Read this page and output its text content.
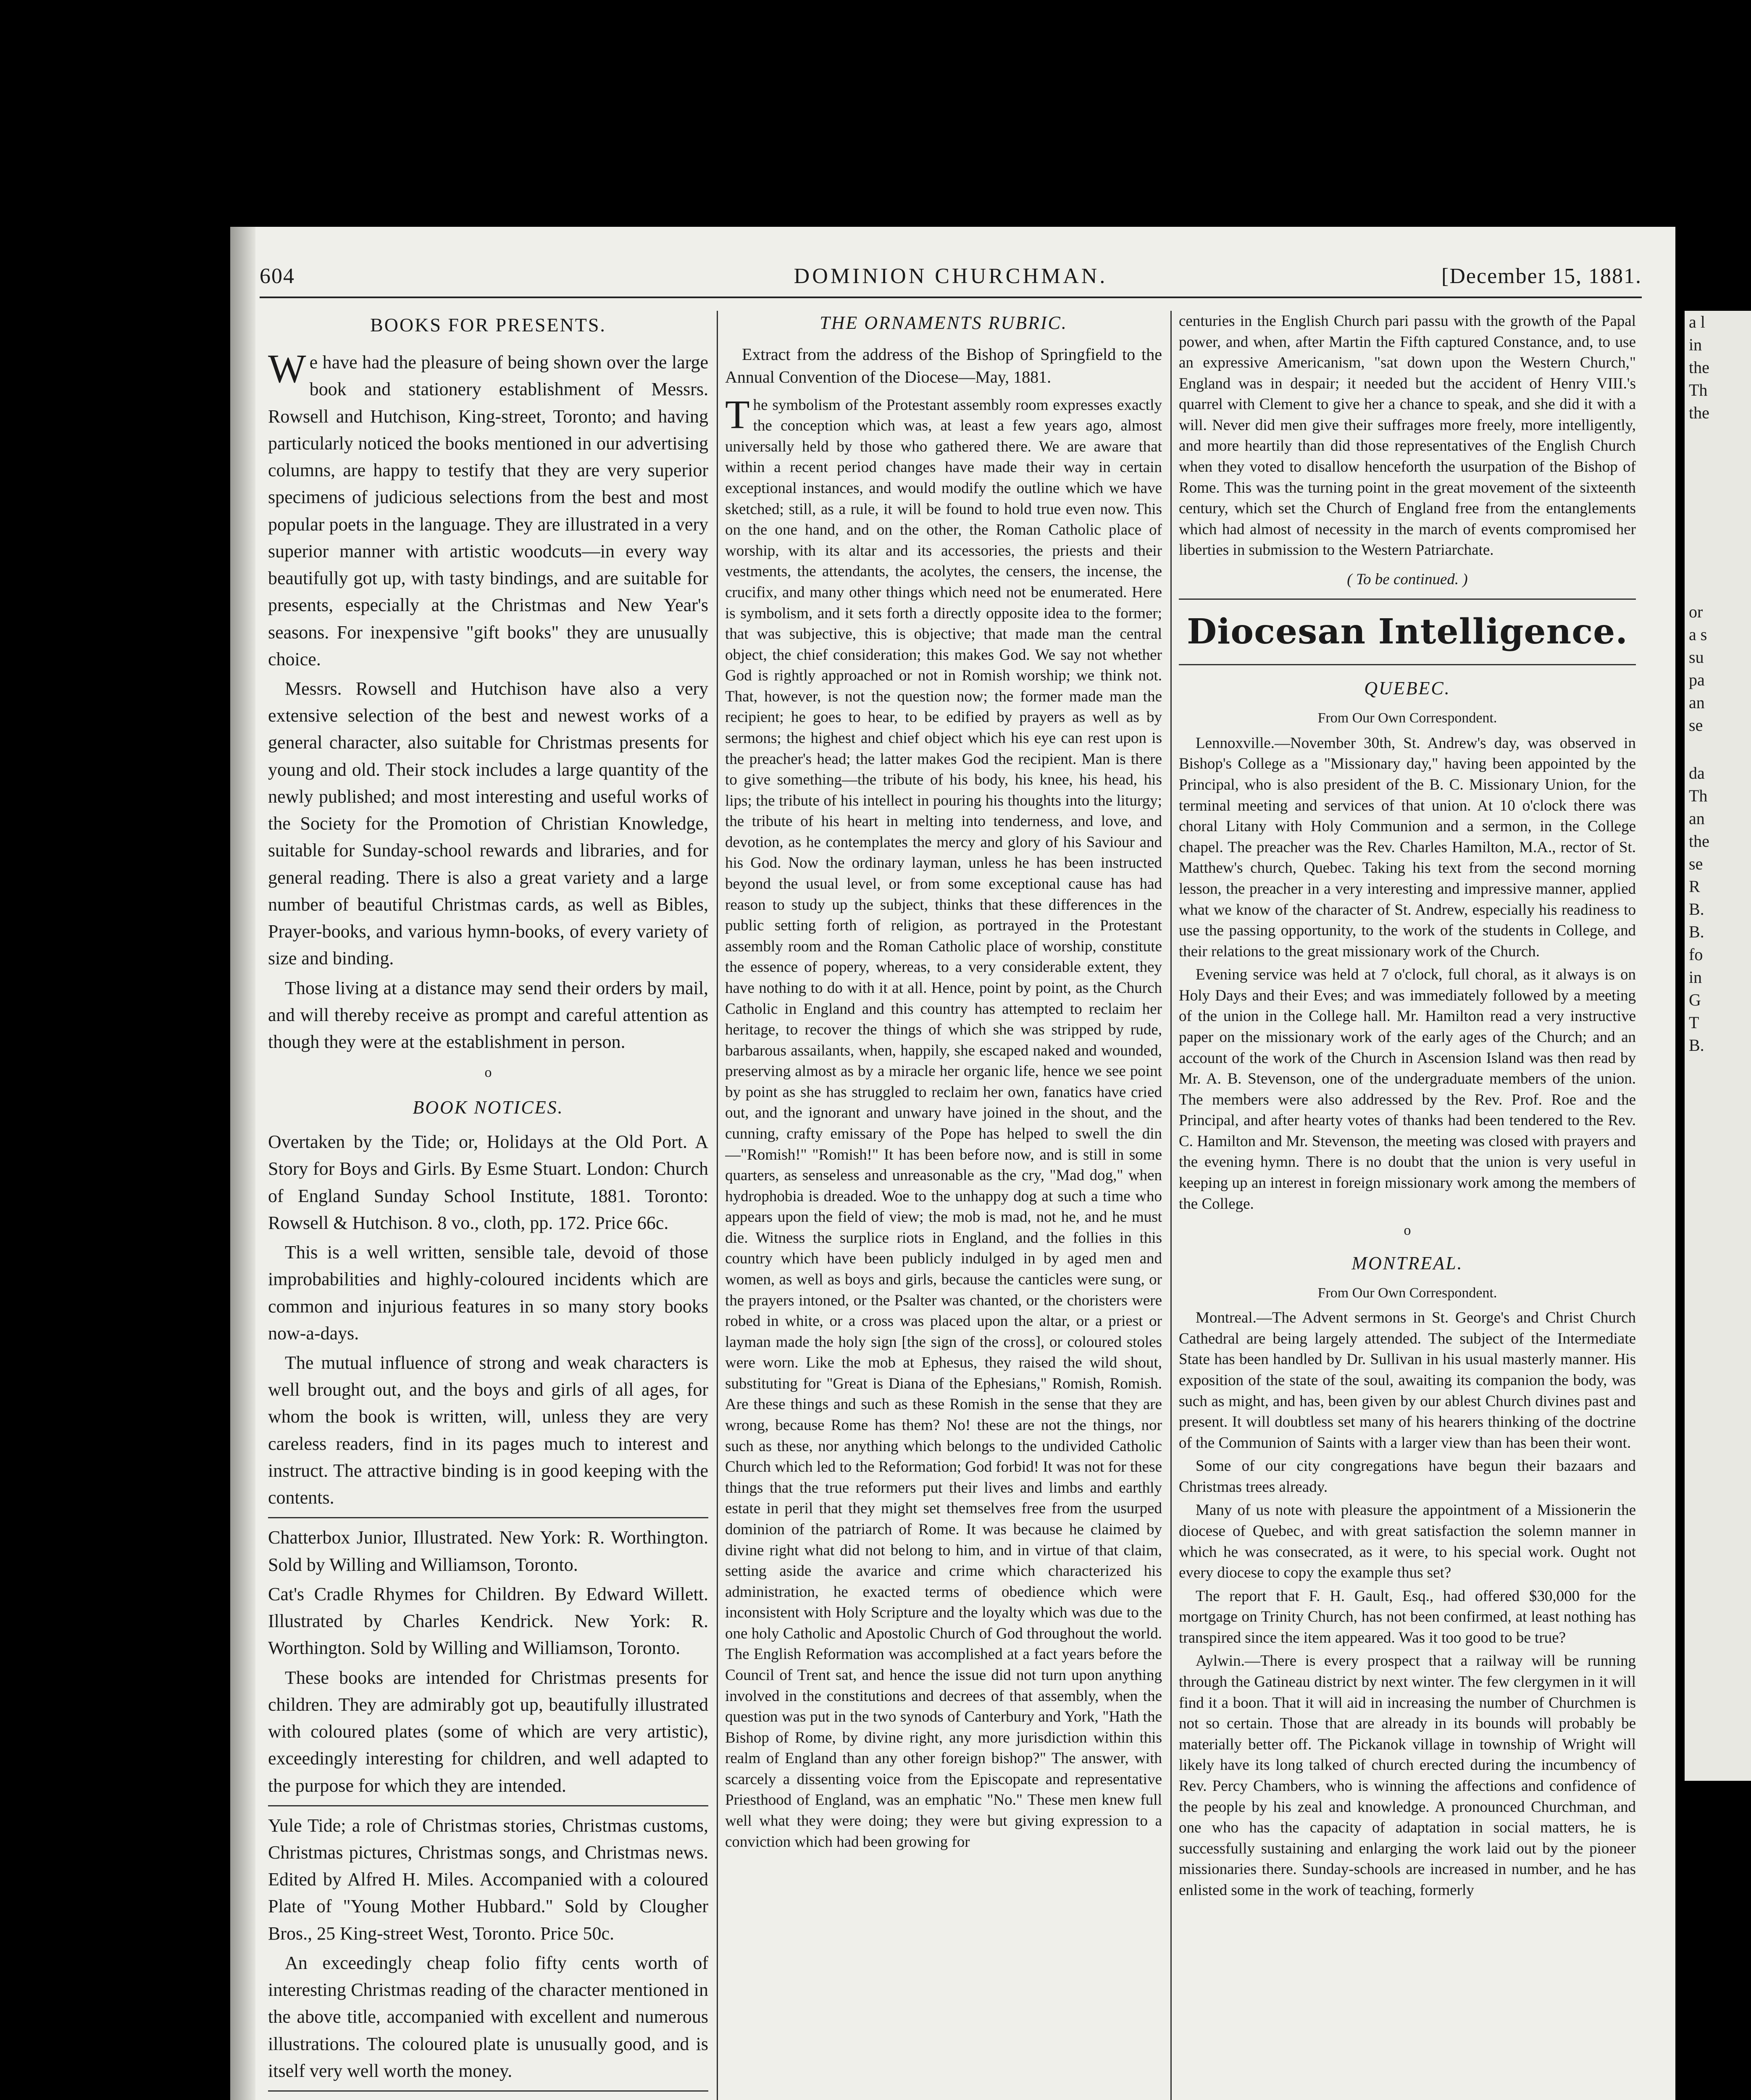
604	DOMINION CHURCHMAN.	[December 15, 1881.
BOOKS FOR PRESENTS.

We have had the pleasure of being shown over the large book and stationery establishment of Messrs. Rowsell and Hutchison, King-street, Toronto; and having particularly noticed the books mentioned in our advertising columns, are happy to testify that they are very superior specimens of judicious selections from the best and most popular poets in the language. They are illustrated in a very superior manner with artistic woodcuts—in every way beautifully got up, with tasty bindings, and are suitable for presents, especially at the Christmas and New Year's seasons. For inexpensive "gift books" they are unusually choice.

Messrs. Rowsell and Hutchison have also a very extensive selection of the best and newest works of a general character, also suitable for Christmas presents for young and old. Their stock includes a large quantity of the newly published; and most interesting and useful works of the Society for the Promotion of Christian Knowledge, suitable for Sunday-school rewards and libraries, and for general reading. There is also a great variety and a large number of beautiful Christmas cards, as well as Bibles, Prayer-books, and various hymn-books, of every variety of size and binding.

Those living at a distance may send their orders by mail, and will thereby receive as prompt and careful attention as though they were at the establishment in person.

o
BOOK NOTICES.

Overtaken by the Tide; or, Holidays at the Old Port. A Story for Boys and Girls. By Esme Stuart. London: Church of England Sunday School Institute, 1881. Toronto: Rowsell & Hutchison. 8 vo., cloth, pp. 172. Price 66c.

This is a well written, sensible tale, devoid of those improbabilities and highly-coloured incidents which are common and injurious features in so many story books now-a-days.

The mutual influence of strong and weak characters is well brought out, and the boys and girls of all ages, for whom the book is written, will, unless they are very careless readers, find in its pages much to interest and instruct. The attractive binding is in good keeping with the contents.

Chatterbox Junior, Illustrated. New York: R. Worthington. Sold by Willing and Williamson, Toronto.

Cat's Cradle Rhymes for Children. By Edward Willett. Illustrated by Charles Kendrick. New York: R. Worthington. Sold by Willing and Williamson, Toronto.

These books are intended for Christmas presents for children. They are admirably got up, beautifully illustrated with coloured plates (some of which are very artistic), exceedingly interesting for children, and well adapted to the purpose for which they are intended.

Yule Tide; a role of Christmas stories, Christmas customs, Christmas pictures, Christmas songs, and Christmas news. Edited by Alfred H. Miles. Accompanied with a coloured Plate of "Young Mother Hubbard." Sold by Clougher Bros., 25 King-street West, Toronto. Price 50c.

An exceedingly cheap folio fifty cents worth of interesting Christmas reading of the character mentioned in the above title, accompanied with excellent and numerous illustrations. The coloured plate is unusually good, and is itself very well worth the money.

THE ORNAMENTS RUBRIC.

Extract from the address of the Bishop of Springfield to the Annual Convention of the Diocese—May, 1881.

The symbolism of the Protestant assembly room expresses exactly the conception which was, at least a few years ago, almost universally held by those who gathered there. We are aware that within a recent period changes have made their way in certain exceptional instances, and would modify the outline which we have sketched; still, as a rule, it will be found to hold true even now. This on the one hand, and on the other, the Roman Catholic place of worship, with its altar and its accessories, the priests and their vestments, the attendants, the acolytes, the censers, the incense, the crucifix, and many other things which need not be enumerated. Here is symbolism, and it sets forth a directly opposite idea to the former; that was subjective, this is objective; that made man the central object, the chief consideration; this makes God. We say not whether God is rightly approached or not in Romish worship; we think not. That, however, is not the question now; the former made man the recipient; he goes to hear, to be edified by prayers as well as by sermons; the highest and chief object which his eye can rest upon is the preacher's head; the latter makes God the recipient. Man is there to give something—the tribute of his body, his knee, his head, his lips; the tribute of his intellect in pouring his thoughts into the liturgy; the tribute of his heart in melting into tenderness, and love, and devotion, as he contemplates the mercy and glory of his Saviour and his God. Now the ordinary layman, unless he has been instructed beyond the usual level, or from some exceptional cause has had reason to study up the subject, thinks that these differences in the public setting forth of religion, as portrayed in the Protestant assembly room and the Roman Catholic place of worship, constitute the essence of popery, whereas, to a very considerable extent, they have nothing to do with it at all. Hence, point by point, as the Church Catholic in England and this country has attempted to reclaim her heritage, to recover the things of which she was stripped by rude, barbarous assailants, when, happily, she escaped naked and wounded, preserving almost as by a miracle her organic life, hence we see point by point as she has struggled to reclaim her own, fanatics have cried out, and the ignorant and unwary have joined in the shout, and the cunning, crafty emissary of the Pope has helped to swell the din—"Romish!" "Romish!" It has been before now, and is still in some quarters, as senseless and unreasonable as the cry, "Mad dog," when hydrophobia is dreaded. Woe to the unhappy dog at such a time who appears upon the field of view; the mob is mad, not he, and he must die. Witness the surplice riots in England, and the follies in this country which have been publicly indulged in by aged men and women, as well as boys and girls, because the canticles were sung, or the prayers intoned, or the Psalter was chanted, or the choristers were robed in white, or a cross was placed upon the altar, or a priest or layman made the holy sign [the sign of the cross], or coloured stoles were worn. Like the mob at Ephesus, they raised the wild shout, substituting for "Great is Diana of the Ephesians," Romish, Romish. Are these things and such as these Romish in the sense that they are wrong, because Rome has them? No! these are not the things, nor such as these, nor anything which belongs to the undivided Catholic Church which led to the Reformation; God forbid! It was not for these things that the true reformers put their lives and limbs and earthly estate in peril that they might set themselves free from the usurped dominion of the patriarch of Rome. It was because he claimed by divine right what did not belong to him, and in virtue of that claim, setting aside the avarice and crime which characterized his administration, he exacted terms of obedience which were inconsistent with Holy Scripture and the loyalty which was due to the one holy Catholic and Apostolic Church of God throughout the world. The English Reformation was accomplished at a fact years before the Council of Trent sat, and hence the issue did not turn upon anything involved in the constitutions and decrees of that assembly, when the question was put in the two synods of Canterbury and York, "Hath the Bishop of Rome, by divine right, any more jurisdiction within this realm of England than any other foreign bishop?" The answer, with scarcely a dissenting voice from the Episcopate and representative Priesthood of England, was an emphatic "No." These men knew full well what they were doing; they were but giving expression to a conviction which had been growing for

centuries in the English Church pari passu with the growth of the Papal power, and when, after Martin the Fifth captured Constance, and, to use an expressive Americanism, "sat down upon the Western Church," England was in despair; it needed but the accident of Henry VIII.'s quarrel with Clement to give her a chance to speak, and she did it with a will. Never did men give their suffrages more freely, more intelligently, and more heartily than did those representatives of the English Church when they voted to disallow henceforth the usurpation of the Bishop of Rome. This was the turning point in the great movement of the sixteenth century, which set the Church of England free from the entanglements which had almost of necessity in the march of events compromised her liberties in submission to the Western Patriarchate.

( To be continued. )
Diocesan Intelligence.
QUEBEC.
From Our Own Correspondent.

Lennoxville.—November 30th, St. Andrew's day, was observed in Bishop's College as a "Missionary day," having been appointed by the Principal, who is also president of the B. C. Missionary Union, for the terminal meeting and services of that union. At 10 o'clock there was choral Litany with Holy Communion and a sermon, in the College chapel. The preacher was the Rev. Charles Hamilton, M.A., rector of St. Matthew's church, Quebec. Taking his text from the second morning lesson, the preacher in a very interesting and impressive manner, applied what we know of the character of St. Andrew, especially his readiness to use the passing opportunity, to the work of the students in College, and their relations to the great missionary work of the Church.

Evening service was held at 7 o'clock, full choral, as it always is on Holy Days and their Eves; and was immediately followed by a meeting of the union in the College hall. Mr. Hamilton read a very instructive paper on the missionary work of the early ages of the Church; and an account of the work of the Church in Ascension Island was then read by Mr. A. B. Stevenson, one of the undergraduate members of the union. The members were also addressed by the Rev. Prof. Roe and the Principal, and after hearty votes of thanks had been tendered to the Rev. C. Hamilton and Mr. Stevenson, the meeting was closed with prayers and the evening hymn. There is no doubt that the union is very useful in keeping up an interest in foreign missionary work among the members of the College.

o
MONTREAL.
From Our Own Correspondent.

Montreal.—The Advent sermons in St. George's and Christ Church Cathedral are being largely attended. The subject of the Intermediate State has been handled by Dr. Sullivan in his usual masterly manner. His exposition of the state of the soul, awaiting its companion the body, was such as might, and has, been given by our ablest Church divines past and present. It will doubtless set many of his hearers thinking of the doctrine of the Communion of Saints with a larger view than has been their wont.

Some of our city congregations have begun their bazaars and Christmas trees already.

Many of us note with pleasure the appointment of a Missionerin the diocese of Quebec, and with great satisfaction the solemn manner in which he was consecrated, as it were, to his special work. Ought not every diocese to copy the example thus set?

The report that F. H. Gault, Esq., had offered $30,000 for the mortgage on Trinity Church, has not been confirmed, at least nothing has transpired since the item appeared. Was it too good to be true?

Aylwin.—There is every prospect that a railway will be running through the Gatineau district by next winter. The few clergymen in it will find it a boon. That it will aid in increasing the number of Churchmen is not so certain. Those that are already in its bounds will probably be materially better off. The Pickanok village in township of Wright will likely have its long talked of church erected during the incumbency of Rev. Percy Chambers, who is winning the affections and confidence of the people by his zeal and knowledge. A pronounced Churchman, and one who has the capacity of adaptation in social matters, he is successfully sustaining and enlarging the work laid out by the pioneer missionaries there. Sunday-schools are increased in number, and he has enlisted some in the work of teaching, formerly

a l
in
the
Th
the
or
a s
su
pa
an
se
da
Th
an
the
se
R
B.
B.
fo
in
G
T
B.
